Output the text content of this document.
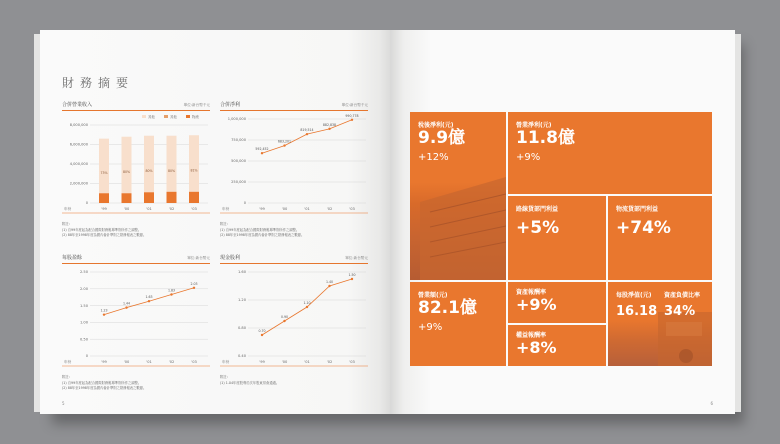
財務摘要
合併營業收入	單位:新台幣千元
其他	其他	物流
8,000,000
6,000,000
4,000,000
2,000,000
0
年份	'99	'00	'01	'02	'03
73%	80%	80%	80%	81%
附註:
(1) 自99年度起為配合國際財務報導準則所作之調整。
(2) 88年至1998年度為國內會計準則之財務報表之數據。
合併淨利	單位:新台幣千元
1,000,000
750,000
500,000
250,000
0
年份	'99	'00	'01	'02	'03
592,452
683,201
819,514
882,838
990,778
附註:
(1) 自99年度起為配合國際財務報導準則所作之調整。
(2) 88年至1998年度為國內會計準則之財務報表之數據。
每股盈餘	單位:新台幣元
2.50
2.00
1.50
1.00
0.50
0
年份	'99	'00	'01	'02	'03
1.23
1.44
1.63
1.83
2.03
附註:
(1) 自99年度起為配合國際財務報導準則所作之調整。
(2) 88年至1998年度為國內會計準則之財務報表之數據。
現金股利	單位:新台幣元
1.60
1.20
0.80
0.40
年份	'99	'00	'01	'02	'03
0.70
0.90
1.10
1.40
1.50
附註:
(1) 1.04年度股利於次年股東常會通過。
5
稅後淨利(元)
9.9億
+12%
營業淨利(元)
11.8億
+9%
路線貨部門利益
+5%
物流貨部門利益
+74%
營業額(元)
82.1億
+9%
資產報酬率
+9%
權益報酬率
+8%
每股淨值(元)
16.18
資產負債比率
34%
6
